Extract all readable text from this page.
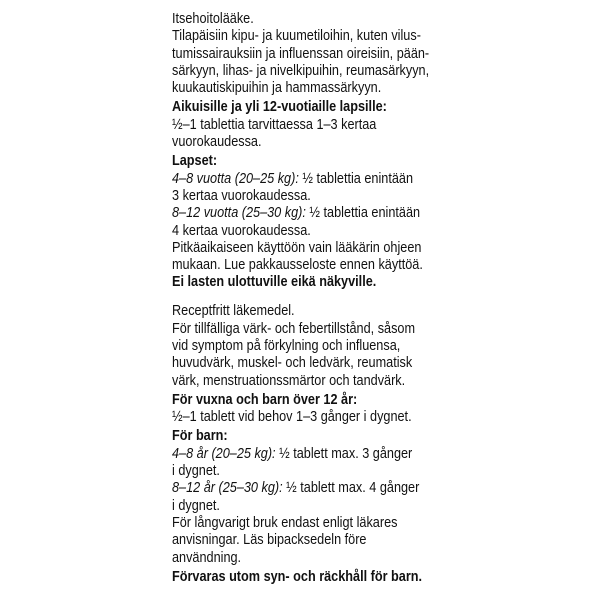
Itsehoitolääke.
Tilapäisiin kipu- ja kuumetiloihin, kuten vilus-
tumissairauksiin ja influenssan oireisiin, pään-
särkyyn, lihas- ja nivelkipuihin, reumasärkyyn,
kuukautiskipuihin ja hammassärkyyn.
Aikuisille ja yli 12-vuotiaille lapsille:
½–1 tablettia tarvittaessa 1–3 kertaa
vuorokaudessa.
Lapset:
4–8 vuotta (20–25 kg): ½ tablettia enintään
3 kertaa vuorokaudessa.
8–12 vuotta (25–30 kg): ½ tablettia enintään
4 kertaa vuorokaudessa.
Pitkäaikaiseen käyttöön vain lääkärin ohjeen
mukaan. Lue pakkausseloste ennen käyttöä.
Ei lasten ulottuville eikä näkyville.
Receptfritt läkemedel.
För tillfälliga värk- och febertillstånd, såsom
vid symptom på förkylning och influensa,
huvudvärk, muskel- och ledvärk, reumatisk
värk, menstruationssmärtor och tandvärk.
För vuxna och barn över 12 år:
½–1 tablett vid behov 1–3 gånger i dygnet.
För barn:
4–8 år (20–25 kg): ½ tablett max. 3 gånger
i dygnet.
8–12 år (25–30 kg): ½ tablett max. 4 gånger
i dygnet.
För långvarigt bruk endast enligt läkares
anvisningar. Läs bipacksedeln före
användning.
Förvaras utom syn- och räckhåll för barn.
